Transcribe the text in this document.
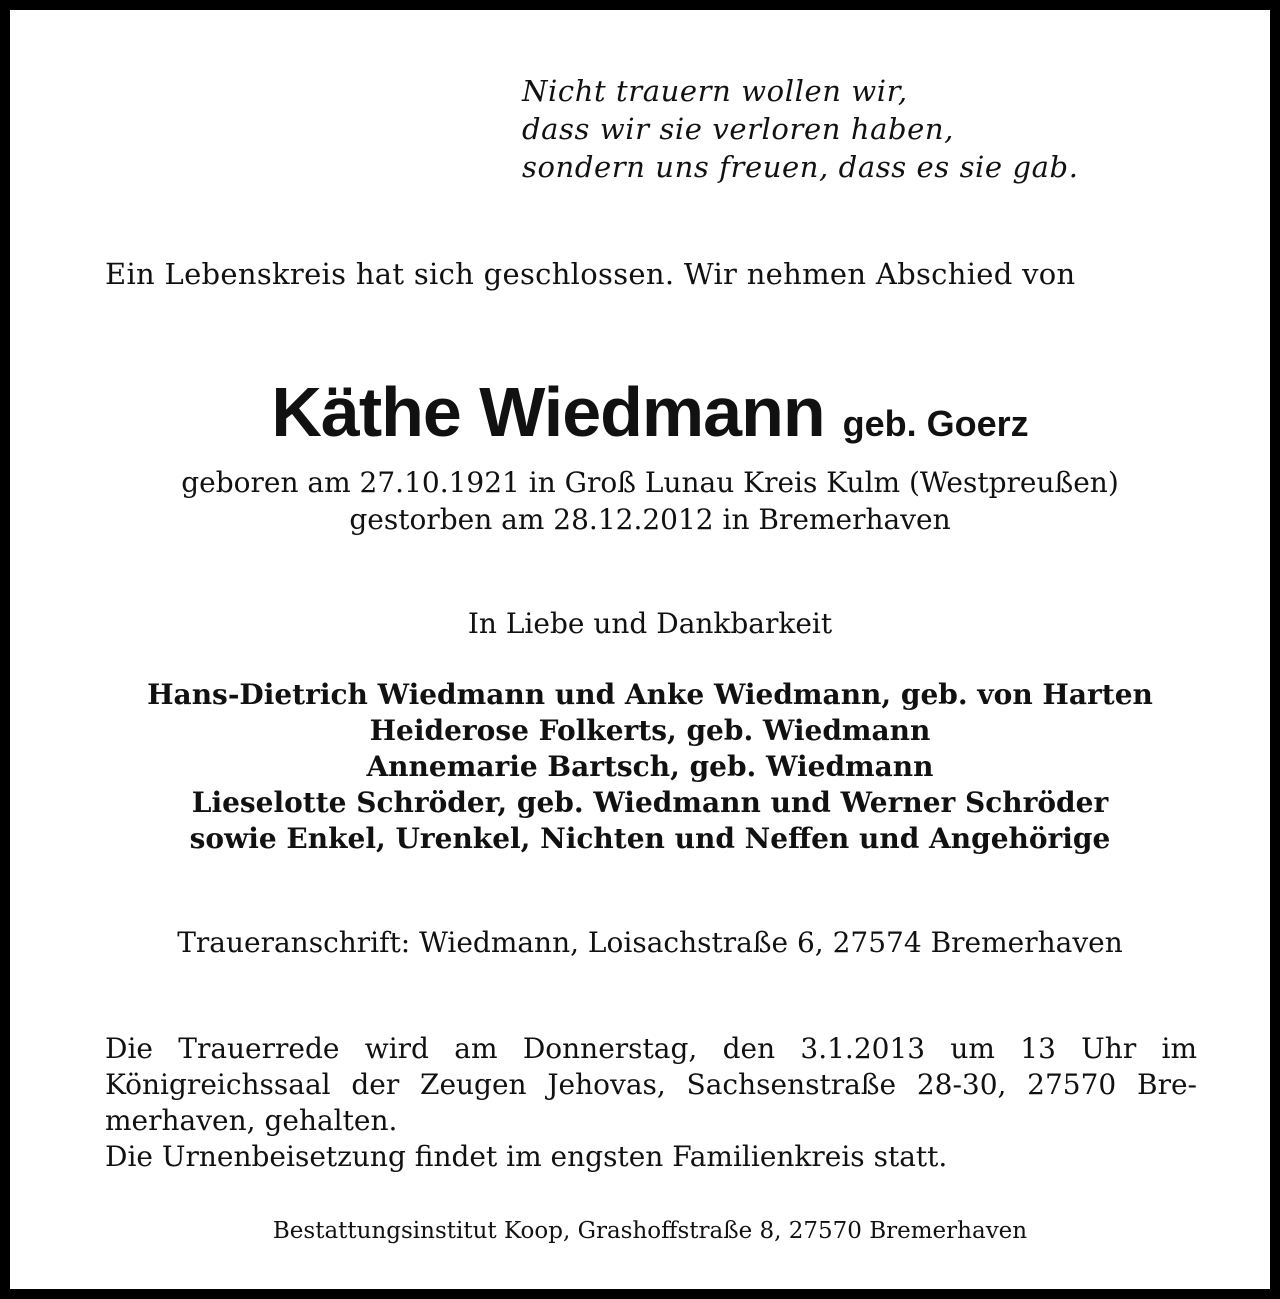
Nicht trauern wollen wir,
dass wir sie verloren haben,
sondern uns freuen, dass es sie gab.
Ein Lebenskreis hat sich geschlossen. Wir nehmen Abschied von
Käthe Wiedmann geb. Goerz
geboren am 27.10.1921 in Groß Lunau Kreis Kulm (Westpreußen)
gestorben am 28.12.2012 in Bremerhaven
In Liebe und Dankbarkeit
Hans-Dietrich Wiedmann und Anke Wiedmann, geb. von Harten
Heiderose Folkerts, geb. Wiedmann
Annemarie Bartsch, geb. Wiedmann
Lieselotte Schröder, geb. Wiedmann und Werner Schröder
sowie Enkel, Urenkel, Nichten und Neffen und Angehörige
Traueranschrift: Wiedmann, Loisachstraße 6, 27574 Bremerhaven
Die Trauerrede wird am Donnerstag, den 3.1.2013 um 13 Uhr im Königreichssaal der Zeugen Jehovas, Sachsenstraße 28-30, 27570 Bremerhaven, gehalten.
Die Urnenbeisetzung findet im engsten Familienkreis statt.
Bestattungsinstitut Koop, Grashoffstraße 8, 27570 Bremerhaven
